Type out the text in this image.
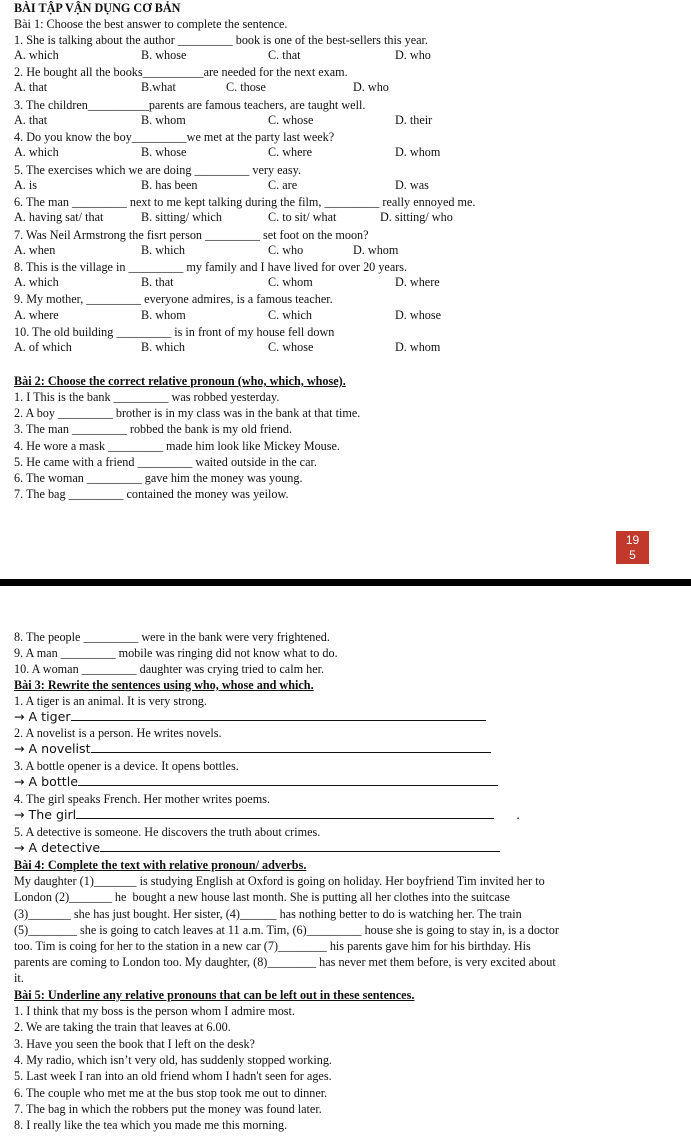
BÀI TẬP VẬN DỤNG CƠ BẢN
Bài 1: Choose the best answer to complete the sentence.
1. She is talking about the author _________ book is one of the best-sellers this year.
A. which	B. whose	C. that	D. who
2. He bought all the books__________are needed for the next exam.
A. that	B.what	C. those	D. who
3. The children__________parents are famous teachers, are taught well.
A. that	B. whom	C. whose	D. their
4. Do you know the boy_________we met at the party last week?
A. which	B. whose	C. where	D. whom
5. The exercises which we are doing _________ very easy.
A. is	B. has been	C. are	D. was
6. The man _________ next to me kept talking during the film, _________ really ennoyed me.
A. having sat/ that	B. sitting/ which	C. to sit/ what	D. sitting/ who
7. Was Neil Armstrong the fisrt person _________ set foot on the moon?
A. when	B. which	C. who	D. whom
8. This is the village in _________ my family and I have lived for over 20 years.
A. which	B. that	C. whom	D. where
9. My mother, _________ everyone admires, is a famous teacher.
A. where	B. whom	C. which	D. whose
10. The old building _________ is in front of my house fell down
A. of which	B. which	C. whose	D. whom
Bài 2: Choose the correct relative pronoun (who, which, whose).
1. I This is the bank _________ was robbed yesterday.
2. A boy _________ brother is in my class was in the bank at that time.
3. The man _________ robbed the bank is my old friend.
4. He wore a mask _________ made him look like Mickey Mouse.
5. He came with a friend _________ waited outside in the car.
6. The woman _________ gave him the money was young.
7. The bag _________ contained the money was yeilow.
19
5
8. The people _________ were in the bank were very frightened.
9. A man _________ mobile was ringing did not know what to do.
10. A woman _________ daughter was crying tried to calm her.
Bài 3: Rewrite the sentences using who, whose and which.
1. A tiger is an animal. It is very strong.
→ A tiger
2. A novelist is a person. He writes novels.
→ A novelist
3. A bottle opener is a device. It opens bottles.
→ A bottle
4. The girl speaks French. Her mother writes poems.
→ The girl	.
5. A detective is someone. He discovers the truth about crimes.
→ A detective
Bài 4: Complete the text with relative pronoun/ adverbs.
My daughter (1)_______ is studying English at Oxford is going on holiday. Her boyfriend Tim invited her to
London (2)_______ he  bought a new house last month. She is putting all her clothes into the suitcase
(3)_______ she has just bought. Her sister, (4)______ has nothing better to do is watching her. The train
(5)________ she is going to catch leaves at 11 a.m. Tim, (6)_________ house she is going to stay in, is a doctor
too. Tim is coing for her to the station in a new car (7)________ his parents gave him for his birthday. His
parents are coming to London too. My daughter, (8)________ has never met them before, is very excited about
it.
Bài 5: Underline any relative pronouns that can be left out in these sentences.
1. I think that my boss is the person whom I admire most.
2. We are taking the train that leaves at 6.00.
3. Have you seen the book that I left on the desk?
4. My radio, which isn’t very old, has suddenly stopped working.
5. Last week I ran into an old friend whom I hadn't seen for ages.
6. The couple who met me at the bus stop took me out to dinner.
7. The bag in which the robbers put the money was found later.
8. I really like the tea which you made me this morning.
